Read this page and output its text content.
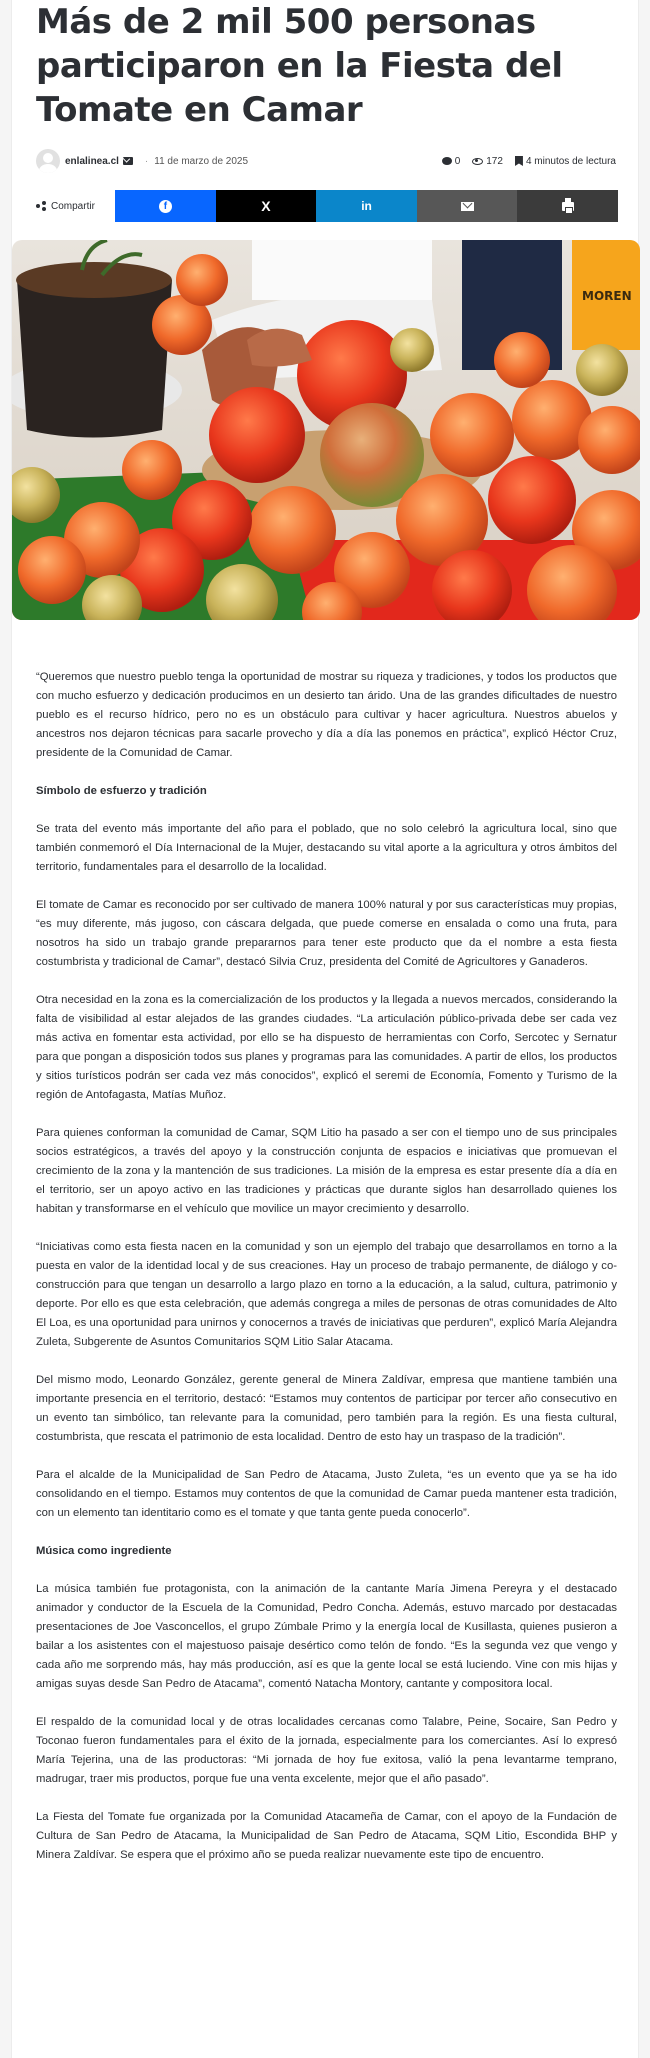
Más de 2 mil 500 personas participaron en la Fiesta del Tomate en Camar
enlalinea.cl	· 11 de marzo de 2025	0	172 4 minutos de lectura
Compartir	f	X	in
MOREN

“Queremos que nuestro pueblo tenga la oportunidad de mostrar su riqueza y tradiciones, y todos los productos que con mucho esfuerzo y dedicación producimos en un desierto tan árido. Una de las grandes dificultades de nuestro pueblo es el recurso hídrico, pero no es un obstáculo para cultivar y hacer agricultura. Nuestros abuelos y ancestros nos dejaron técnicas para sacarle provecho y día a día las ponemos en práctica”, explicó Héctor Cruz, presidente de la Comunidad de Camar.

Símbolo de esfuerzo y tradición

Se trata del evento más importante del año para el poblado, que no solo celebró la agricultura local, sino que también conmemoró el Día Internacional de la Mujer, destacando su vital aporte a la agricultura y otros ámbitos del territorio, fundamentales para el desarrollo de la localidad.

El tomate de Camar es reconocido por ser cultivado de manera 100% natural y por sus características muy propias, “es muy diferente, más jugoso, con cáscara delgada, que puede comerse en ensalada o como una fruta, para nosotros ha sido un trabajo grande prepararnos para tener este producto que da el nombre a esta fiesta costumbrista y tradicional de Camar”, destacó Silvia Cruz, presidenta del Comité de Agricultores y Ganaderos.

Otra necesidad en la zona es la comercialización de los productos y la llegada a nuevos mercados, considerando la falta de visibilidad al estar alejados de las grandes ciudades. “La articulación público-privada debe ser cada vez más activa en fomentar esta actividad, por ello se ha dispuesto de herramientas con Corfo, Sercotec y Sernatur para que pongan a disposición todos sus planes y programas para las comunidades. A partir de ellos, los productos y sitios turísticos podrán ser cada vez más conocidos”, explicó el seremi de Economía, Fomento y Turismo de la región de Antofagasta, Matías Muñoz.

Para quienes conforman la comunidad de Camar, SQM Litio ha pasado a ser con el tiempo uno de sus principales socios estratégicos, a través del apoyo y la construcción conjunta de espacios e iniciativas que promuevan el crecimiento de la zona y la mantención de sus tradiciones. La misión de la empresa es estar presente día a día en el territorio, ser un apoyo activo en las tradiciones y prácticas que durante siglos han desarrollado quienes los habitan y transformarse en el vehículo que movilice un mayor crecimiento y desarrollo.

“Iniciativas como esta fiesta nacen en la comunidad y son un ejemplo del trabajo que desarrollamos en torno a la puesta en valor de la identidad local y de sus creaciones. Hay un proceso de trabajo permanente, de diálogo y co-construcción para que tengan un desarrollo a largo plazo en torno a la educación, a la salud, cultura, patrimonio y deporte. Por ello es que esta celebración, que además congrega a miles de personas de otras comunidades de Alto El Loa, es una oportunidad para unirnos y conocernos a través de iniciativas que perduren”, explicó María Alejandra Zuleta, Subgerente de Asuntos Comunitarios SQM Litio Salar Atacama.

Del mismo modo, Leonardo González, gerente general de Minera Zaldívar, empresa que mantiene también una importante presencia en el territorio, destacó: “Estamos muy contentos de participar por tercer año consecutivo en un evento tan simbólico, tan relevante para la comunidad, pero también para la región. Es una fiesta cultural, costumbrista, que rescata el patrimonio de esta localidad. Dentro de esto hay un traspaso de la tradición”.

Para el alcalde de la Municipalidad de San Pedro de Atacama, Justo Zuleta, “es un evento que ya se ha ido consolidando en el tiempo. Estamos muy contentos de que la comunidad de Camar pueda mantener esta tradición, con un elemento tan identitario como es el tomate y que tanta gente pueda conocerlo”.

Música como ingrediente

La música también fue protagonista, con la animación de la cantante María Jimena Pereyra y el destacado animador y conductor de la Escuela de la Comunidad, Pedro Concha. Además, estuvo marcado por destacadas presentaciones de Joe Vasconcellos, el grupo Zúmbale Primo y la energía local de Kusillasta, quienes pusieron a bailar a los asistentes con el majestuoso paisaje desértico como telón de fondo. “Es la segunda vez que vengo y cada año me sorprendo más, hay más producción, así es que la gente local se está luciendo. Vine con mis hijas y amigas suyas desde San Pedro de Atacama”, comentó Natacha Montory, cantante y compositora local.

El respaldo de la comunidad local y de otras localidades cercanas como Talabre, Peine, Socaire, San Pedro y Toconao fueron fundamentales para el éxito de la jornada, especialmente para los comerciantes. Así lo expresó María Tejerina, una de las productoras: “Mi jornada de hoy fue exitosa, valió la pena levantarme temprano, madrugar, traer mis productos, porque fue una venta excelente, mejor que el año pasado”.

La Fiesta del Tomate fue organizada por la Comunidad Atacameña de Camar, con el apoyo de la Fundación de Cultura de San Pedro de Atacama, la Municipalidad de San Pedro de Atacama, SQM Litio, Escondida BHP y Minera Zaldívar. Se espera que el próximo año se pueda realizar nuevamente este tipo de encuentro.
